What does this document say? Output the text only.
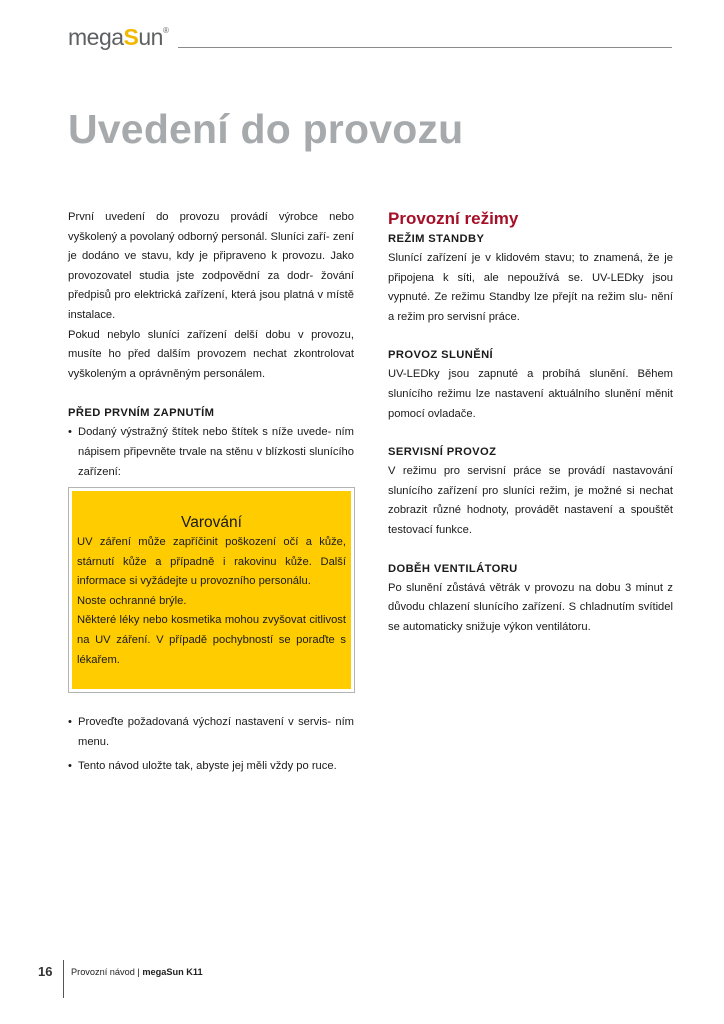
megaSun®
Uvedení do provozu

První uvedení do provozu provádí výrobce nebo vyškolený a povolaný odborný personál. Sluníci zaří- zení je dodáno ve stavu, kdy je připraveno k provozu. Jako provozovatel studia jste zodpovědní za dodr- žování předpisů pro elektrická zařízení, která jsou platná v místě instalace.

Pokud nebylo sluníci zařízení delší dobu v provozu, musíte ho před dalším provozem nechat zkontrolovat vyškoleným a oprávněným personálem.

PŘED PRVNÍM ZAPNUTÍM
• Dodaný výstražný štítek nebo štítek s níže uvede- ním nápisem připevněte trvale na stěnu v blízkosti slunícího zařízení:
Varování

UV záření může zapříčinit poškození očí a kůže, stárnutí kůže a případně i rakovinu kůže. Další informace si vyžádejte u provozního personálu.

Noste ochranné brýle.

Některé léky nebo kosmetika mohou zvyšovat citlivost na UV záření. V případě pochybností se poraďte s lékařem.

• Proveďte požadovaná výchozí nastavení v servis- ním menu.
• Tento návod uložte tak, abyste jej měli vždy po ruce.
Provozní režimy
REŽIM STANDBY

Slunící zařízení je v klidovém stavu; to znamená, že je připojena k síti, ale nepoužívá se. UV-LEDky jsou vypnuté. Ze režimu Standby lze přejít na režim slu- nění a režim pro servisní práce.

PROVOZ SLUNĚNÍ

UV-LEDky jsou zapnuté a probíhá slunění. Během slunícího režimu lze nastavení aktuálního slunění měnit pomocí ovladače.

SERVISNÍ PROVOZ

V režimu pro servisní práce se provádí nastavování slunícího zařízení pro sluníci režim, je možné si nechat zobrazit různé hodnoty, provádět nastavení a spouštět testovací funkce.

DOBĚH VENTILÁTORU

Po slunění zůstává větrák v provozu na dobu 3 minut z důvodu chlazení slunícího zařízení. S chladnutím svítidel se automaticky snižuje výkon ventilátoru.

16 Provozní návod | megaSun K11
